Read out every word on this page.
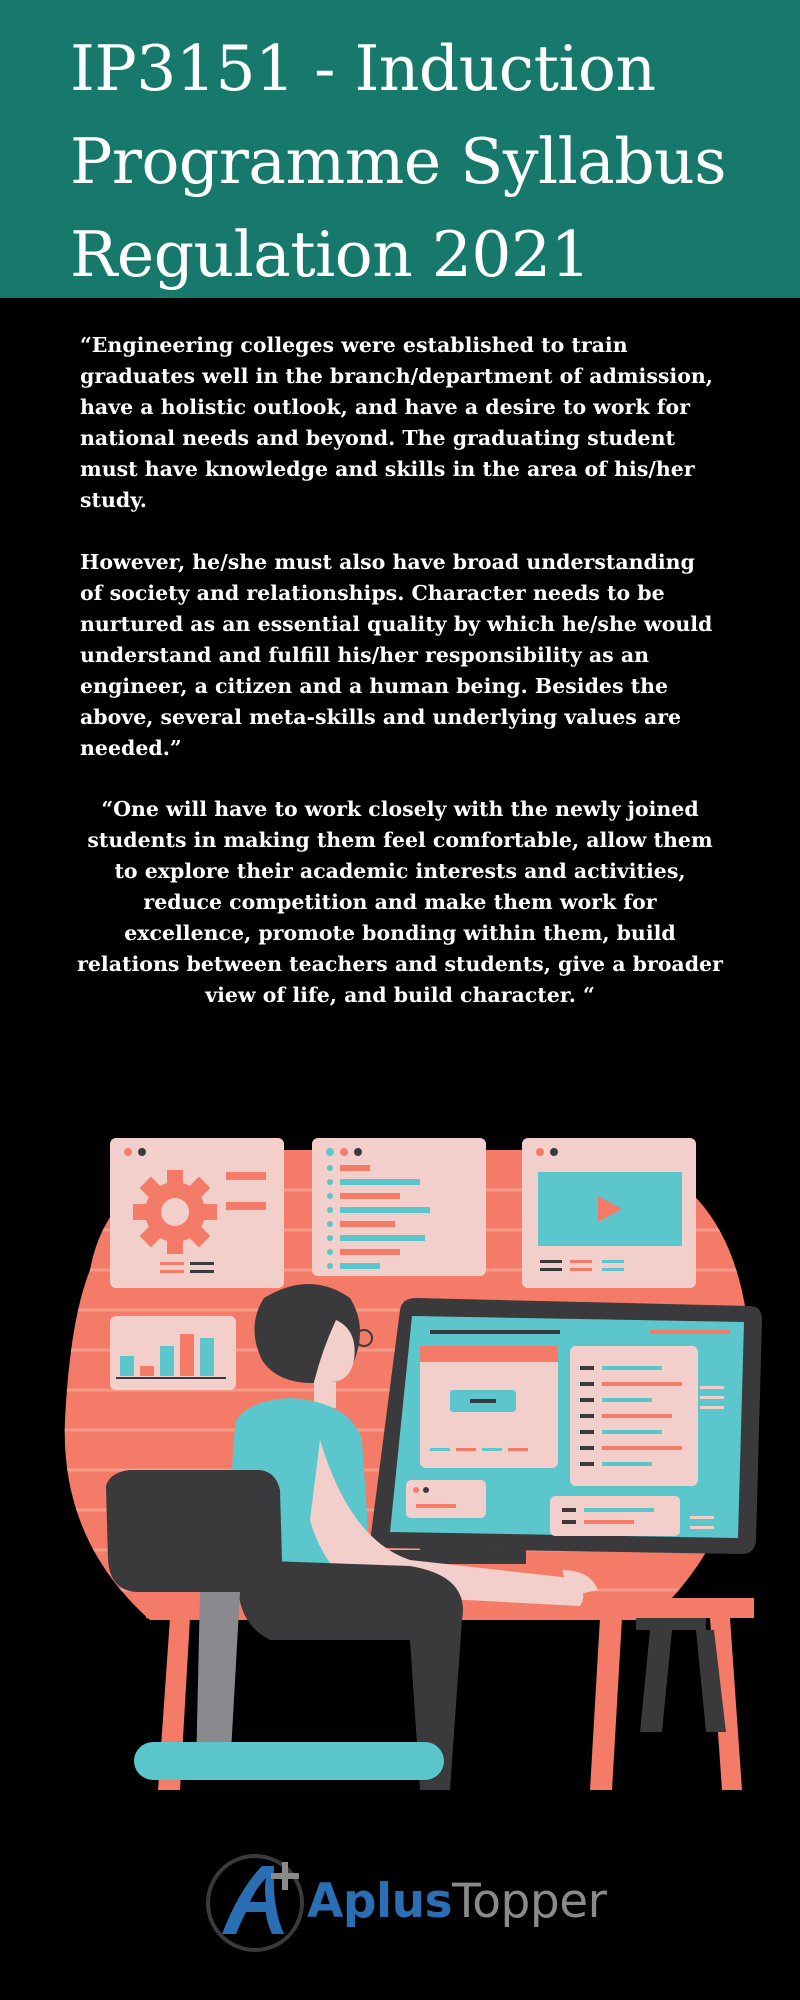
IP3151 - Induction
Programme Syllabus
Regulation 2021
“Engineering colleges were established to train
graduates well in the branch/department of admission,
have a holistic outlook, and have a desire to work for
national needs and beyond. The graduating student
must have knowledge and skills in the area of his/her
study.
However, he/she must also have broad understanding
of society and relationships. Character needs to be
nurtured as an essential quality by which he/she would
understand and fulfill his/her responsibility as an
engineer, a citizen and a human being. Besides the
above, several meta-skills and underlying values are
needed.”
“One will have to work closely with the newly joined
students in making them feel comfortable, allow them
to explore their academic interests and activities,
reduce competition and make them work for
excellence, promote bonding within them, build
relations between teachers and students, give a broader
view of life, and build character. “
AplusTopper
